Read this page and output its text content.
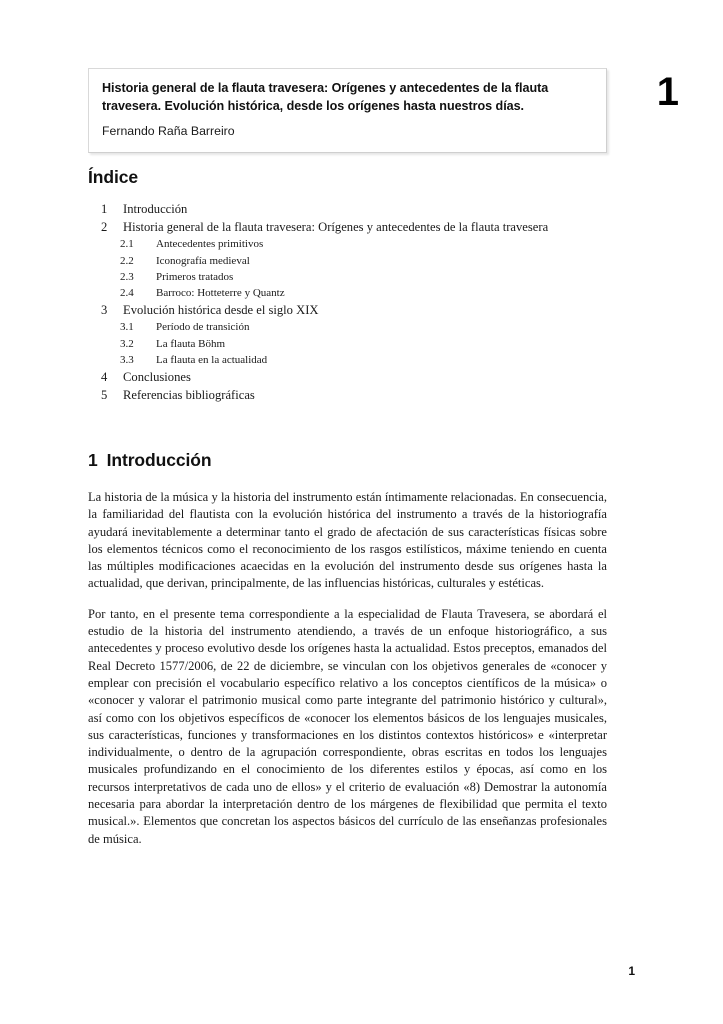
Historia general de la flauta travesera: Orígenes y antecedentes de la flauta travesera. Evolución histórica, desde los orígenes hasta nuestros días.
Fernando Raña Barreiro
1
Índice
1	Introducción
2	Historia general de la flauta travesera: Orígenes y antecedentes de la flauta travesera
2.1	Antecedentes primitivos
2.2	Iconografía medieval
2.3	Primeros tratados
2.4	Barroco: Hotteterre y Quantz
3	Evolución histórica desde el siglo XIX
3.1	Período de transición
3.2	La flauta Böhm
3.3	La flauta en la actualidad
4	Conclusiones
5	Referencias bibliográficas
1 Introducción

La historia de la música y la historia del instrumento están íntimamente relacionadas. En consecuencia, la familiaridad del flautista con la evolución histórica del instrumento a través de la historiografía ayudará inevitablemente a determinar tanto el grado de afectación de sus características físicas sobre los elementos técnicos como el reconocimiento de los rasgos estilísticos, máxime teniendo en cuenta las múltiples modificaciones acaecidas en la evolución del instrumento desde sus orígenes hasta la actualidad, que derivan, principalmente, de las influencias históricas, culturales y estéticas.

Por tanto, en el presente tema correspondiente a la especialidad de Flauta Travesera, se abordará el estudio de la historia del instrumento atendiendo, a través de un enfoque historiográfico, a sus antecedentes y proceso evolutivo desde los orígenes hasta la actualidad. Estos preceptos, emanados del Real Decreto 1577/2006, de 22 de diciembre, se vinculan con los objetivos generales de «conocer y emplear con precisión el vocabulario específico relativo a los conceptos científicos de la música» o «conocer y valorar el patrimonio musical como parte integrante del patrimonio histórico y cultural», así como con los objetivos específicos de «conocer los elementos básicos de los lenguajes musicales, sus características, funciones y transformaciones en los distintos contextos históricos» e «interpretar individualmente, o dentro de la agrupación correspondiente, obras escritas en todos los lenguajes musicales profundizando en el conocimiento de los diferentes estilos y épocas, así como en los recursos interpretativos de cada uno de ellos» y el criterio de evaluación «8) Demostrar la autonomía necesaria para abordar la interpretación dentro de los márgenes de flexibilidad que permita el texto musical.». Elementos que concretan los aspectos básicos del currículo de las enseñanzas profesionales de música.

1
